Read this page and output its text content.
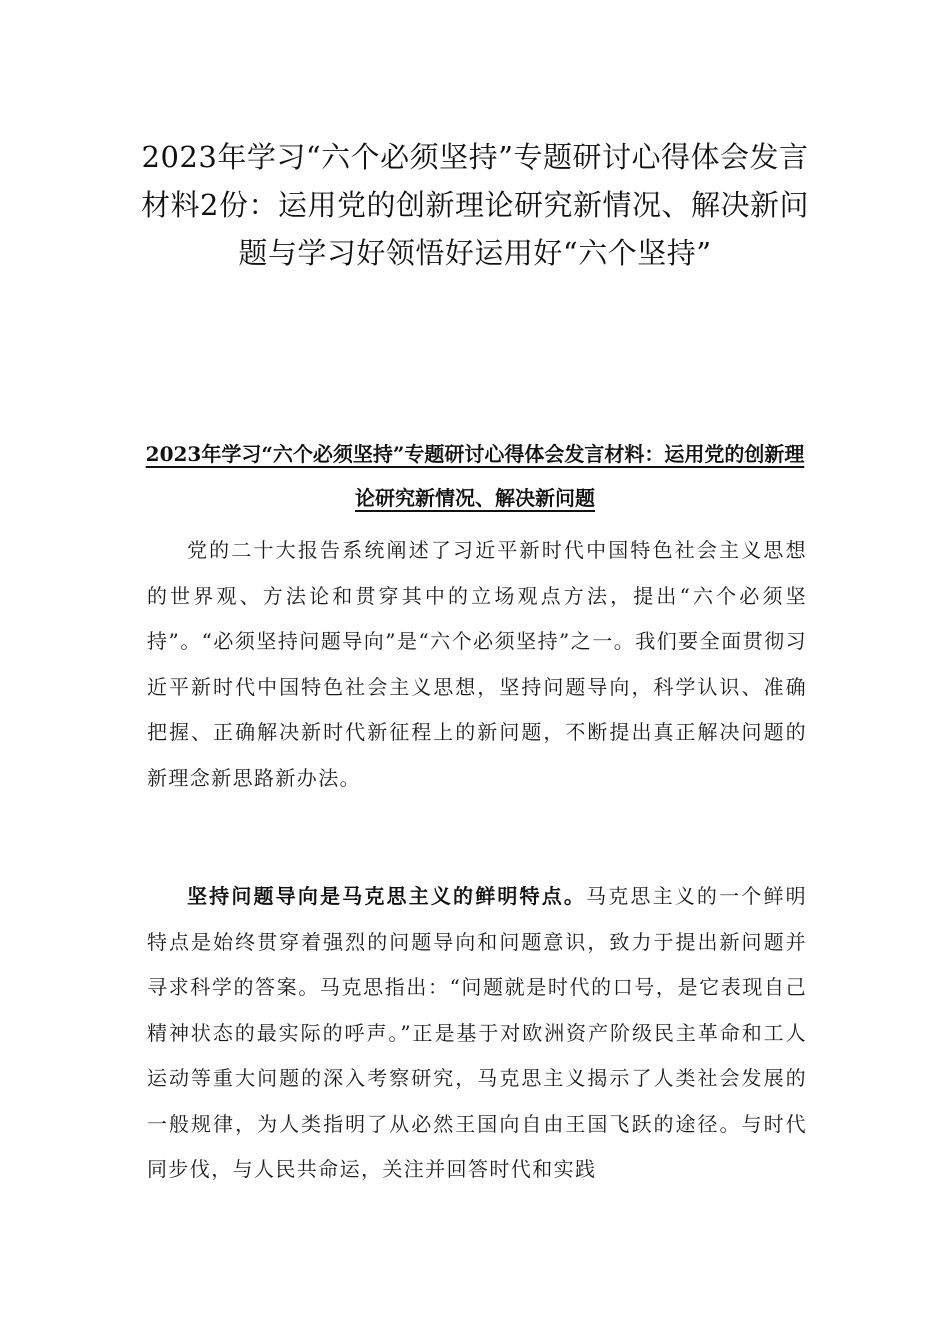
2023年学习“六个必须坚持”专题研讨心得体会发言材料2份：运用党的创新理论研究新情况、解决新问题与学习好领悟好运用好“六个坚持”
2023年学习“六个必须坚持”专题研讨心得体会发言材料：运用党的创新理论研究新情况、解决新问题

党的二十大报告系统阐述了习近平新时代中国特色社会主义思想的世界观、方法论和贯穿其中的立场观点方法，提出“六个必须坚持”。“必须坚持问题导向”是“六个必须坚持”之一。我们要全面贯彻习近平新时代中国特色社会主义思想，坚持问题导向，科学认识、准确把握、正确解决新时代新征程上的新问题，不断提出真正解决问题的新理念新思路新办法。

坚持问题导向是马克思主义的鲜明特点。马克思主义的一个鲜明特点是始终贯穿着强烈的问题导向和问题意识，致力于提出新问题并寻求科学的答案。马克思指出：“问题就是时代的口号，是它表现自己精神状态的最实际的呼声。”正是基于对欧洲资产阶级民主革命和工人运动等重大问题的深入考察研究，马克思主义揭示了人类社会发展的一般规律，为人类指明了从必然王国向自由王国飞跃的途径。与时代同步伐，与人民共命运，关注并回答时代和实践
